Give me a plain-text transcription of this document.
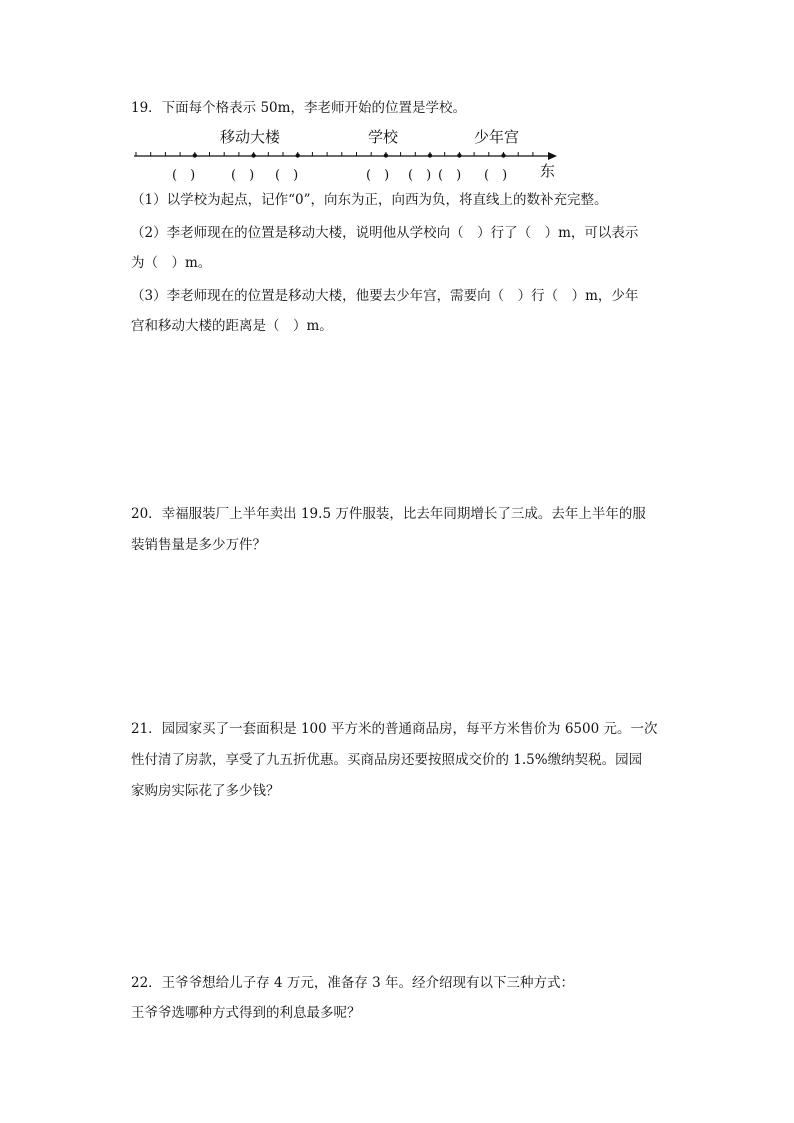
19．下面每个格表示 50m，李老师开始的位置是学校。
移动大楼	学校	少年宫
东
(　)	(　) (　)	(　) (　) (　) (　)
（1）以学校为起点，记作“0”，向东为正，向西为负，将直线上的数补充完整。
（2）李老师现在的位置是移动大楼，说明他从学校向（　）行了（　）m，可以表示
为（　）m。
（3）李老师现在的位置是移动大楼，他要去少年宫，需要向（　）行（　）m，少年
宫和移动大楼的距离是（　）m。
20．幸福服装厂上半年卖出 19.5 万件服装，比去年同期增长了三成。去年上半年的服
装销售量是多少万件？
21．园园家买了一套面积是 100 平方米的普通商品房，每平方米售价为 6500 元。一次
性付清了房款，享受了九五折优惠。买商品房还要按照成交价的 1.5%缴纳契税。园园
家购房实际花了多少钱？
22．王爷爷想给儿子存 4 万元，准备存 3 年。经介绍现有以下三种方式：
王爷爷选哪种方式得到的利息最多呢？
